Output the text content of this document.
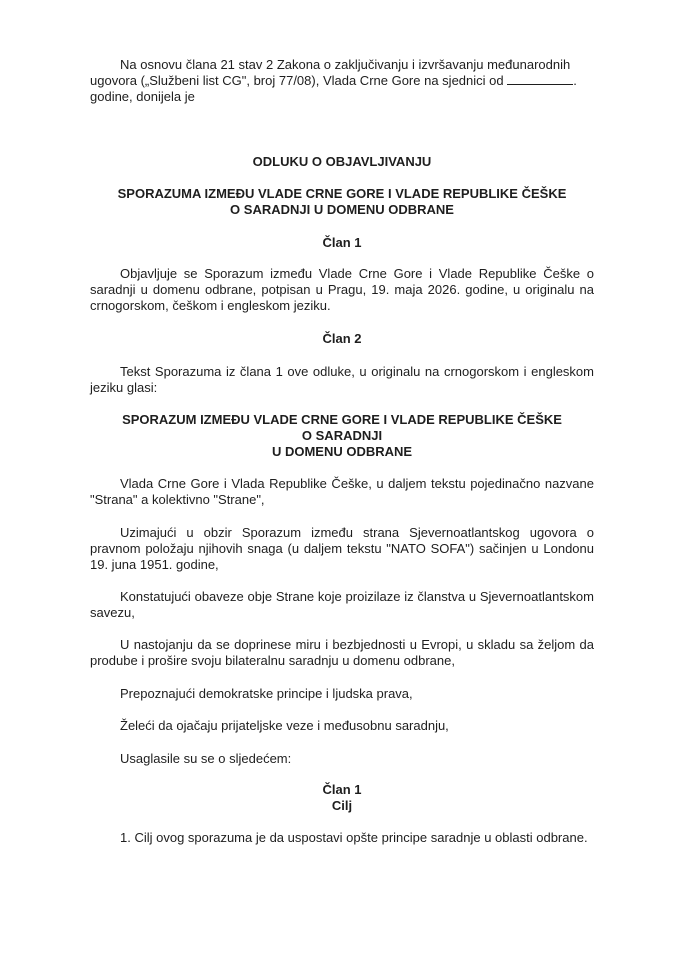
Na osnovu člana 21 stav 2 Zakona o zaključivanju i izvršavanju međunarodnih
ugovora („Službeni list CG", broj 77/08), Vlada Crne Gore na sjednici od	.
godine, donijela je

ODLUKU O OBJAVLJIVANJU

SPORAZUMA IZMEĐU VLADE CRNE GORE I VLADE REPUBLIKE ČEŠKE
O SARADNJI U DOMENU ODBRANE

Član 1

Objavljuje se Sporazum između Vlade Crne Gore i Vlade Republike Češke o saradnji u domenu odbrane, potpisan u Pragu, 19. maja 2026. godine, u originalu na crnogorskom, češkom i engleskom jeziku.

Član 2

Tekst Sporazuma iz člana 1 ove odluke, u originalu na crnogorskom i engleskom jeziku glasi:

SPORAZUM IZMEĐU VLADE CRNE GORE I VLADE REPUBLIKE ČEŠKE
O SARADNJI
U DOMENU ODBRANE

Vlada Crne Gore i Vlada Republike Češke, u daljem tekstu pojedinačno nazvane "Strana" a kolektivno "Strane",

Uzimajući u obzir Sporazum između strana Sjevernoatlantskog ugovora o pravnom položaju njihovih snaga (u daljem tekstu "NATO SOFA") sačinjen u Londonu 19. juna 1951. godine,

Konstatujući obaveze obje Strane koje proizilaze iz članstva u Sjevernoatlantskom savezu,

U nastojanju da se doprinese miru i bezbjednosti u Evropi, u skladu sa željom da prodube i prošire svoju bilateralnu saradnju u domenu odbrane,

Prepoznajući demokratske principe i ljudska prava,

Želeći da ojačaju prijateljske veze i međusobnu saradnju,

Usaglasile su se o sljedećem:

Član 1
Cilj

1. Cilj ovog sporazuma je da uspostavi opšte principe saradnje u oblasti odbrane.
